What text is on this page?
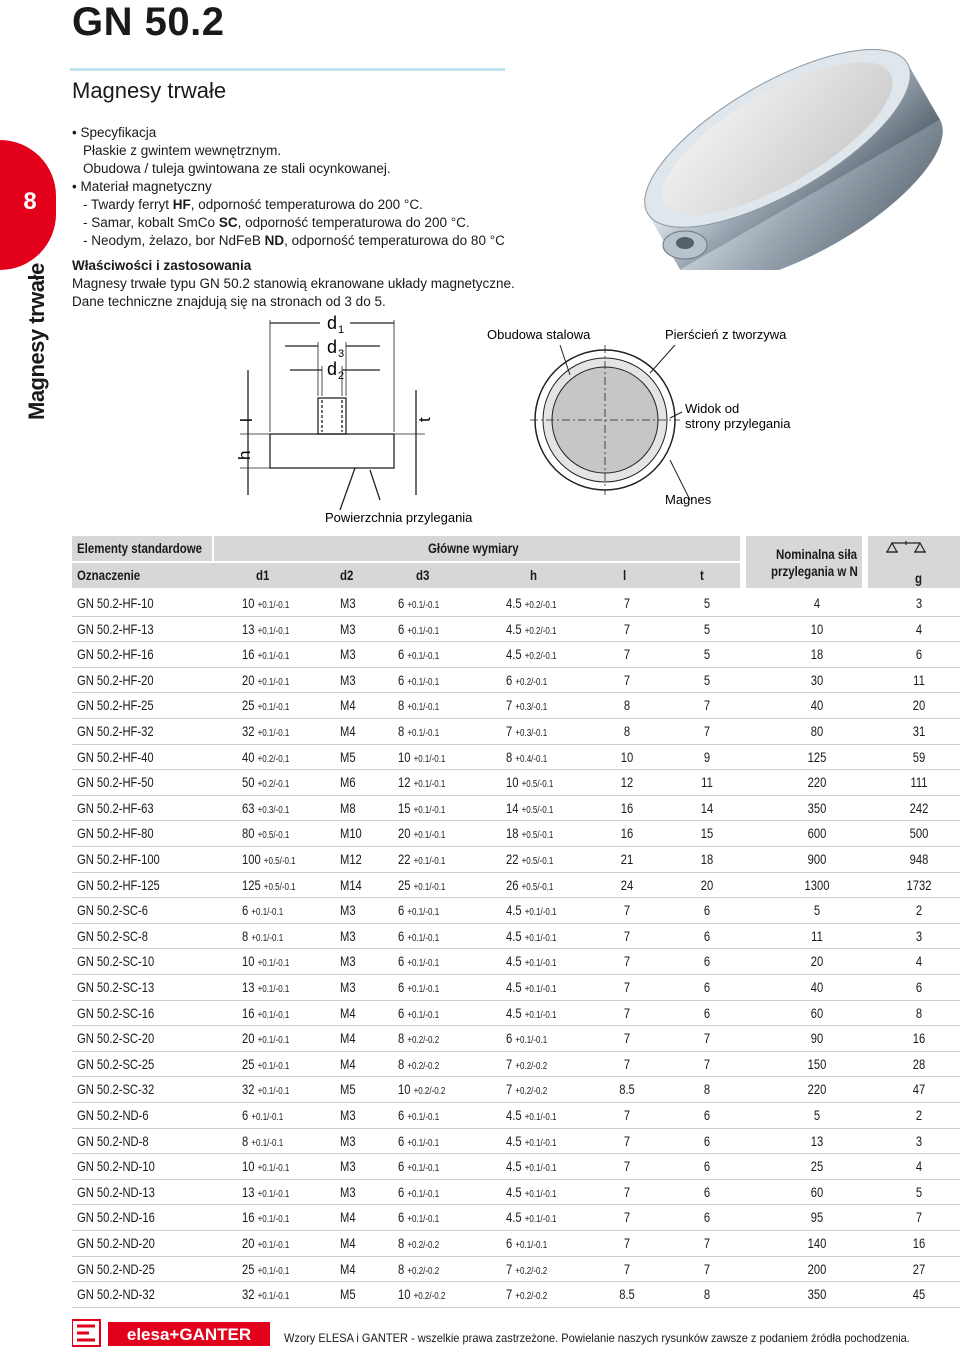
GN 50.2
Magnesy trwałe
8
Magnesy trwałe
• Specyfikacja
Płaskie z gwintem wewnętrznym.
Obudowa / tuleja gwintowana ze stali ocynkowanej.
• Materiał magnetyczny
- Twardy ferryt HF, odporność temperaturowa do 200 °C.
- Samar, kobalt SmCo SC, odporność temperaturowa do 200 °C.
- Neodym, żelazo, bor NdFeB ND, odporność temperaturowa do 80 °C
Właściwości i zastosowania
Magnesy trwałe typu GN 50.2 stanowią ekranowane układy magnetyczne.
Dane techniczne znajdują się na stronach od 3 do 5.
d 1
d 3
d 2
h
l	t
Powierzchnia przylegania
Obudowa stalowa	Pierścień z tworzywa
Widok od
strony przylegania
Magnes
Elementy standardowe	Główne wymiary	Nominalna siła
przylegania w N
Oznaczenie	d1	d2	d3	h	l	t	g
GN 50.2-HF-10	10 +0.1/-0.1	M3	6 +0.1/-0.1	4.5 +0.2/-0.1	7	5	4	3
GN 50.2-HF-13	13 +0.1/-0.1	M3	6 +0.1/-0.1	4.5 +0.2/-0.1	7	5	10	4
GN 50.2-HF-16	16 +0.1/-0.1	M3	6 +0.1/-0.1	4.5 +0.2/-0.1	7	5	18	6
GN 50.2-HF-20	20 +0.1/-0.1	M3	6 +0.1/-0.1	6 +0.2/-0.1	7	5	30	11
GN 50.2-HF-25	25 +0.1/-0.1	M4	8 +0.1/-0.1	7 +0.3/-0.1	8	7	40	20
GN 50.2-HF-32	32 +0.1/-0.1	M4	8 +0.1/-0.1	7 +0.3/-0.1	8	7	80	31
GN 50.2-HF-40	40 +0.2/-0.1	M5	10 +0.1/-0.1	8 +0.4/-0.1	10	9	125	59
GN 50.2-HF-50	50 +0.2/-0.1	M6	12 +0.1/-0.1	10 +0.5/-0.1	12	11	220	111
GN 50.2-HF-63	63 +0.3/-0.1	M8	15 +0.1/-0.1	14 +0.5/-0.1	16	14	350	242
GN 50.2-HF-80	80 +0.5/-0.1	M10	20 +0.1/-0.1	18 +0.5/-0.1	16	15	600	500
GN 50.2-HF-100	100 +0.5/-0.1	M12	22 +0.1/-0.1	22 +0.5/-0.1	21	18	900	948
GN 50.2-HF-125	125 +0.5/-0.1	M14	25 +0.1/-0.1	26 +0.5/-0.1	24	20	1300	1732
GN 50.2-SC-6	6 +0.1/-0.1	M3	6 +0.1/-0.1	4.5 +0.1/-0.1	7	6	5	2
GN 50.2-SC-8	8 +0.1/-0.1	M3	6 +0.1/-0.1	4.5 +0.1/-0.1	7	6	11	3
GN 50.2-SC-10	10 +0.1/-0.1	M3	6 +0.1/-0.1	4.5 +0.1/-0.1	7	6	20	4
GN 50.2-SC-13	13 +0.1/-0.1	M3	6 +0.1/-0.1	4.5 +0.1/-0.1	7	6	40	6
GN 50.2-SC-16	16 +0.1/-0.1	M4	6 +0.1/-0.1	4.5 +0.1/-0.1	7	6	60	8
GN 50.2-SC-20	20 +0.1/-0.1	M4	8 +0.2/-0.2	6 +0.1/-0.1	7	7	90	16
GN 50.2-SC-25	25 +0.1/-0.1	M4	8 +0.2/-0.2	7 +0.2/-0.2	7	7	150	28
GN 50.2-SC-32	32 +0.1/-0.1	M5	10 +0.2/-0.2	7 +0.2/-0.2	8.5	8	220	47
GN 50.2-ND-6	6 +0.1/-0.1	M3	6 +0.1/-0.1	4.5 +0.1/-0.1	7	6	5	2
GN 50.2-ND-8	8 +0.1/-0.1	M3	6 +0.1/-0.1	4.5 +0.1/-0.1	7	6	13	3
GN 50.2-ND-10	10 +0.1/-0.1	M3	6 +0.1/-0.1	4.5 +0.1/-0.1	7	6	25	4
GN 50.2-ND-13	13 +0.1/-0.1	M3	6 +0.1/-0.1	4.5 +0.1/-0.1	7	6	60	5
GN 50.2-ND-16	16 +0.1/-0.1	M4	6 +0.1/-0.1	4.5 +0.1/-0.1	7	6	95	7
GN 50.2-ND-20	20 +0.1/-0.1	M4	8 +0.2/-0.2	6 +0.1/-0.1	7	7	140	16
GN 50.2-ND-25	25 +0.1/-0.1	M4	8 +0.2/-0.2	7 +0.2/-0.2	7	7	200	27
GN 50.2-ND-32	32 +0.1/-0.1	M5	10 +0.2/-0.2	7 +0.2/-0.2	8.5	8	350	45
elesa+GANTER	Wzory ELESA i GANTER - wszelkie prawa zastrzeżone. Powielanie naszych rysunków zawsze z podaniem źródła pochodzenia.
